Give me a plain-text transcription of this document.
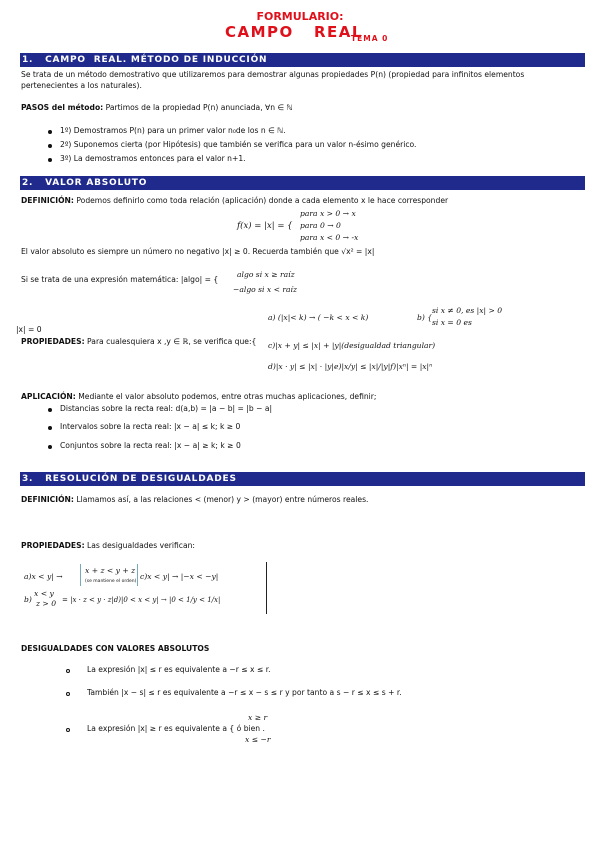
FORMULARIO:
CAMPO   REAL
TEMA 0
1.   CAMPO  REAL. MÉTODO DE INDUCCIÓN
Se trata de un método demostrativo que utilizaremos para demostrar algunas propiedades P(n) (propiedad para infinitos elementos
pertenecientes a los naturales).
PASOS del método: Partimos de la propiedad P(n) anunciada, ∀n ∈ ℕ
1º) Demostramos P(n) para un primer valor n₀de los n ∈ ℕ.
2º) Suponemos cierta (por Hipótesis) que también se verifica para un valor n-ésimo genérico.
3º) La demostramos entonces para el valor n+1.
2.   VALOR ABSOLUTO
DEFINICIÓN: Podemos definirlo como toda relación (aplicación) donde a cada elemento x le hace corresponder
para x > 0 → x
f(x) = |x| = { para 0 → 0
para x < 0 → -x
El valor absoluto es siempre un número no negativo |x| ≥ 0. Recuerda también que √x² = |x|
Si se trata de una expresión matemática: |algo| = {
algo si x ≥ raíz
−algo si x < raíz
a) (|x|< k) → ( −k < x < k)	b) {
si x ≠ 0, es |x| > 0
si x = 0 es
|x| = 0
PROPIEDADES: Para cualesquiera x ,y ∈ ℝ, se verifica que:{ c)|x + y| ≤ |x| + |y|(desigualdad triangular)
d)|x · y| ≤ |x| · |y|e)|x/y| ≤ |x|/|y|f)|xⁿ| = |x|ⁿ
APLICACIÓN: Mediante el valor absoluto podemos, entre otras muchas aplicaciones, definir;
Distancias sobre la recta real: d(a,b) = |a − b| = |b − a|
Intervalos sobre la recta real: |x − a| ≤ k; k ≥ 0
Conjuntos sobre la recta real: |x − a| ≥ k; k ≥ 0
3.   RESOLUCIÓN DE DESIGUALDADES
DEFINICIÓN: Llamamos así, a las relaciones < (menor) y > (mayor) entre números reales.
PROPIEDADES: Las desigualdades verifican:
a)x < y| →
x + z < y + z
(se mantiene el orden)
c)x < y| → |−x < −y|
b)
x < y
z > 0 = |x · z < y · z|d)|0 < x < y| → |0 < 1/y < 1/x|
DESIGUALDADES CON VALORES ABSOLUTOS
La expresión |x| ≤ r es equivalente a −r ≤ x ≤ r.
También |x − s| ≤ r es equivalente a −r ≤ x − s ≤ r y por tanto a s − r ≤ x ≤ s + r.
La expresión |x| ≥ r es equivalente a { ó bien .
x ≥ r
x ≤ −r
